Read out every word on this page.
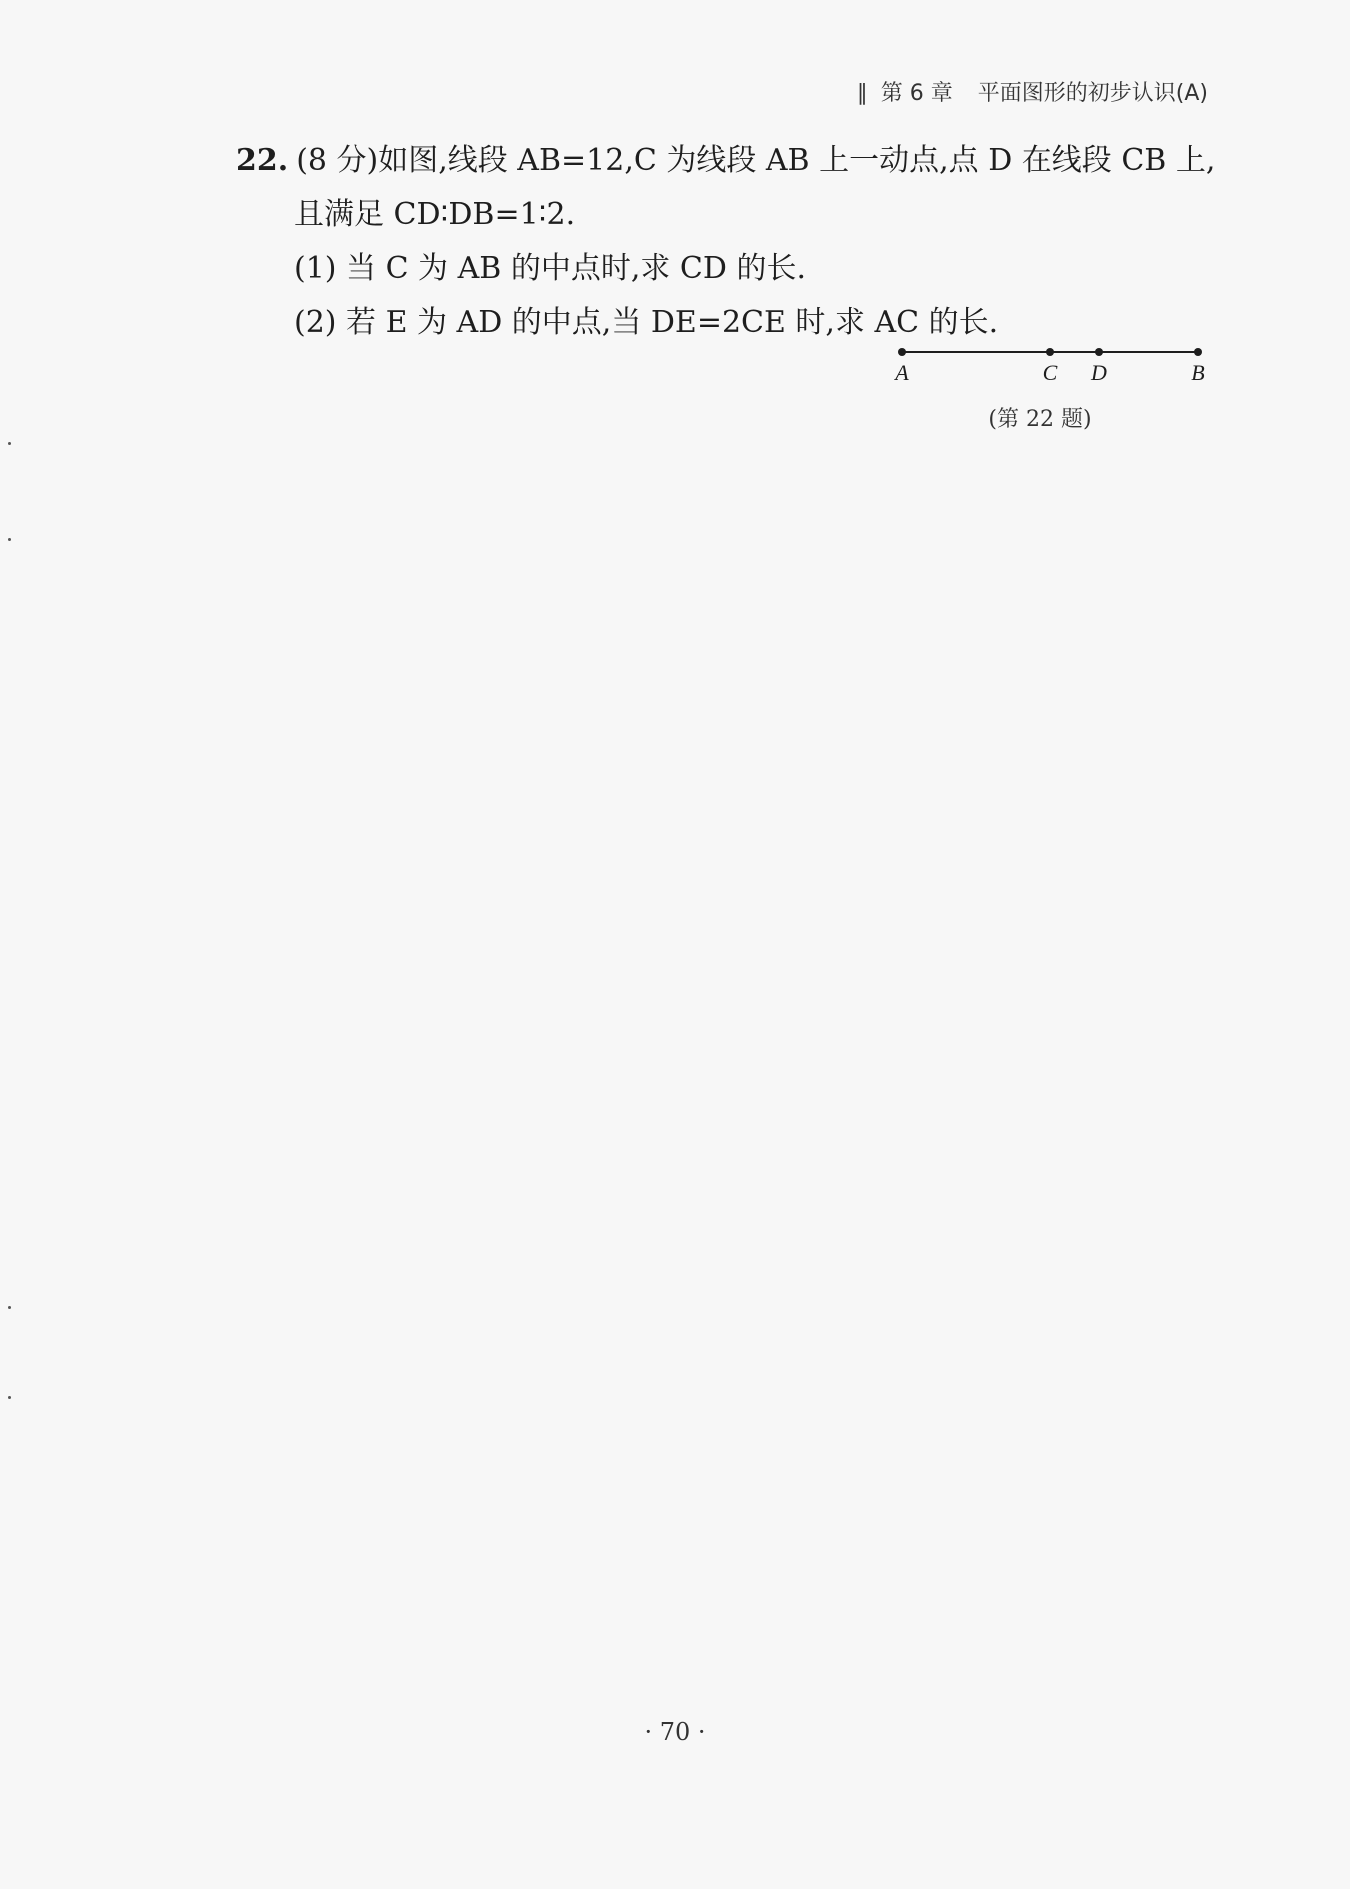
∥ 第 6 章 平面图形的初步认识(A)
22. (8 分)如图,线段 AB=12,C 为线段 AB 上一动点,点 D 在线段 CB 上,
且满足 CD∶DB=1∶2.
(1) 当 C 为 AB 的中点时,求 CD 的长.
(2) 若 E 为 AD 的中点,当 DE=2CE 时,求 AC 的长.
A	C D	B
(第 22 题)
· 70 ·
